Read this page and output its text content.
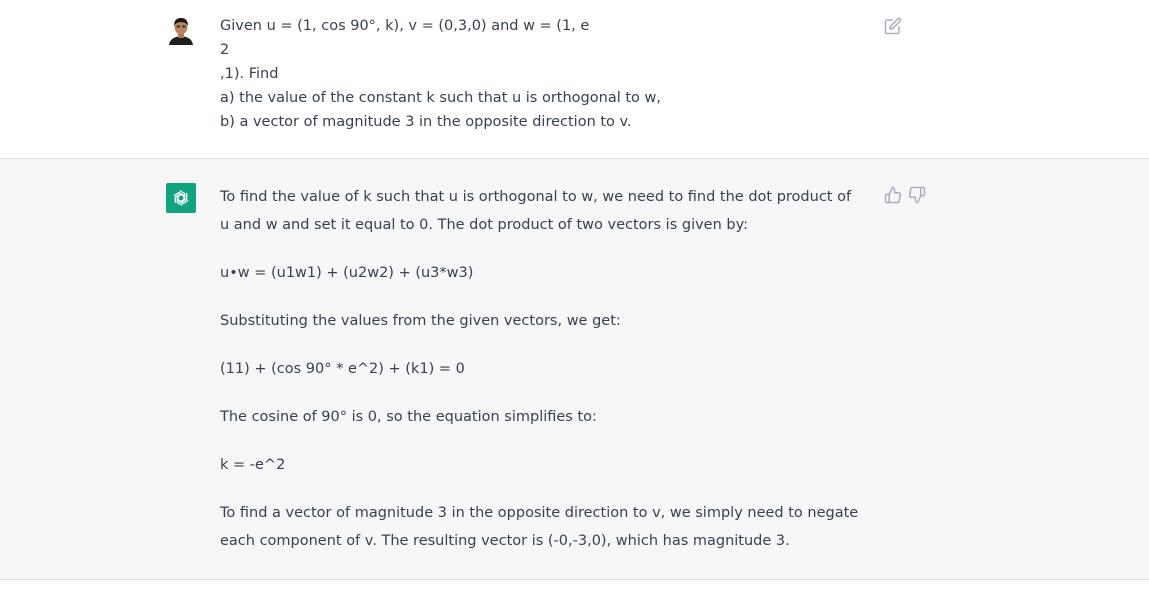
Given u = (1, cos 90°, k), v = (0,3,0) and w = (1, e
2
,1). Find
a) the value of the constant k such that u is orthogonal to w,
b) a vector of magnitude 3 in the opposite direction to v.

To find the value of k such that u is orthogonal to w, we need to find the dot product of u and w and set it equal to 0. The dot product of two vectors is given by:

u•w = (u1w1) + (u2w2) + (u3*w3)

Substituting the values from the given vectors, we get:

(11) + (cos 90° * e^2) + (k1) = 0

The cosine of 90° is 0, so the equation simplifies to:

k = -e^2

To find a vector of magnitude 3 in the opposite direction to v, we simply need to negate each component of v. The resulting vector is (-0,-3,0), which has magnitude 3.
